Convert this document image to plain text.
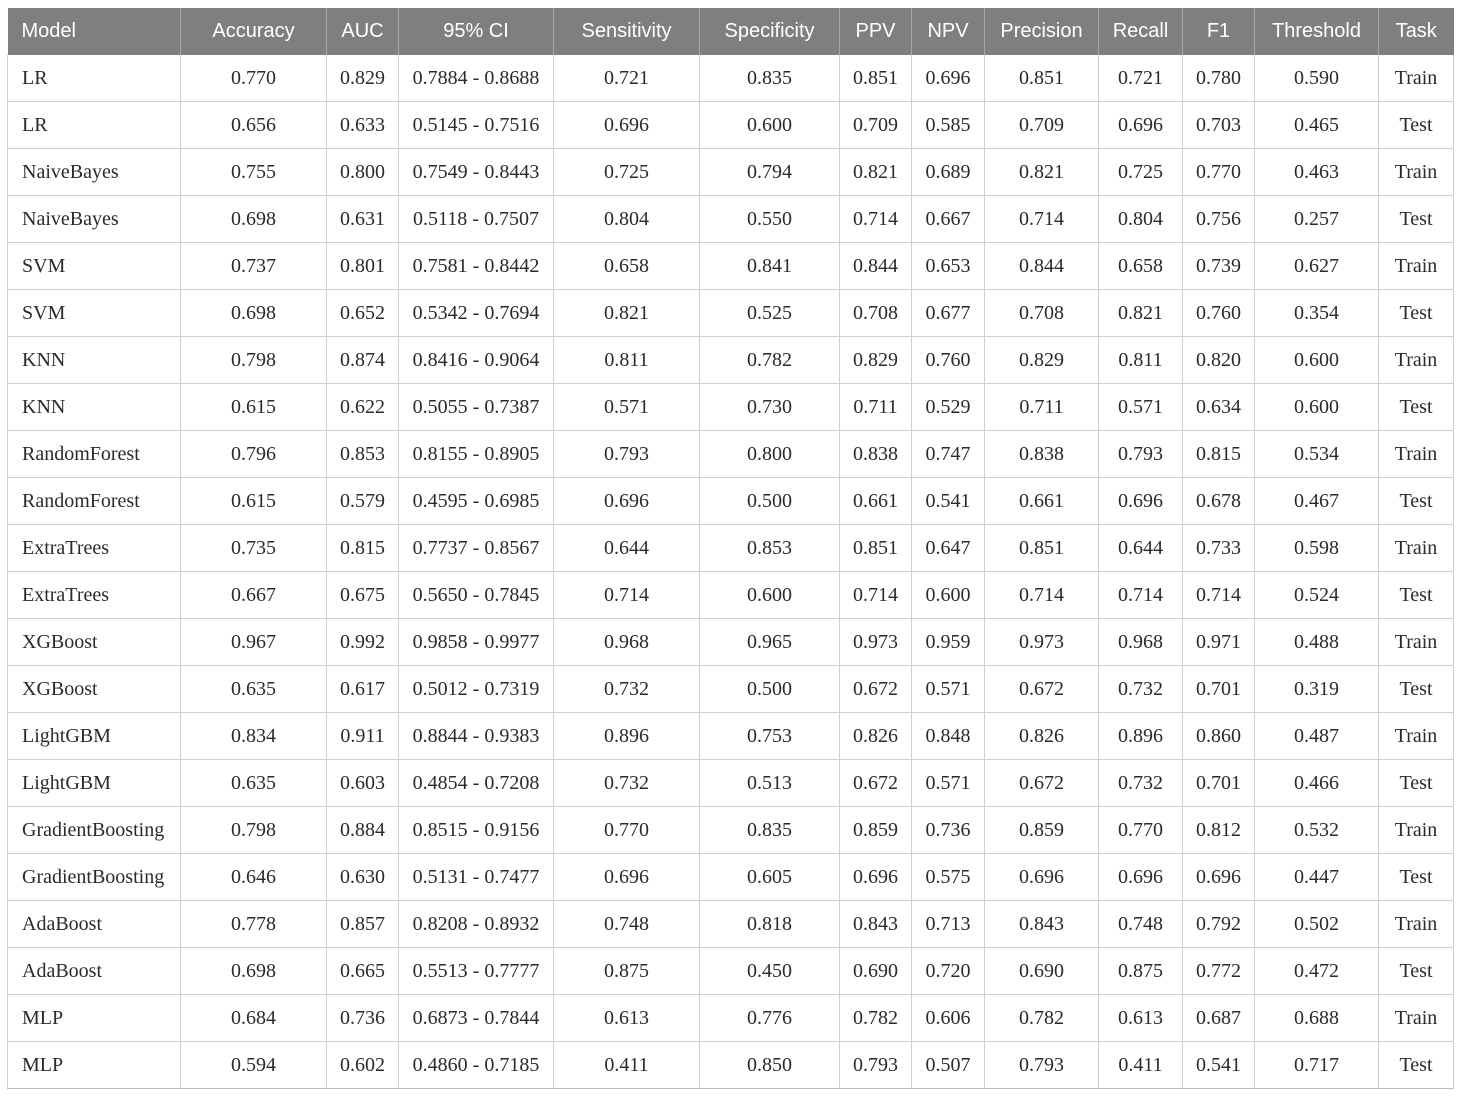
Model	Accuracy	AUC	95% CI	Sensitivity	Specificity	PPV	NPV	Precision	Recall	F1	Threshold	Task
LR	0.770	0.829	0.7884 - 0.8688	0.721	0.835	0.851	0.696	0.851	0.721	0.780	0.590	Train
LR	0.656	0.633	0.5145 - 0.7516	0.696	0.600	0.709	0.585	0.709	0.696	0.703	0.465	Test
NaiveBayes	0.755	0.800	0.7549 - 0.8443	0.725	0.794	0.821	0.689	0.821	0.725	0.770	0.463	Train
NaiveBayes	0.698	0.631	0.5118 - 0.7507	0.804	0.550	0.714	0.667	0.714	0.804	0.756	0.257	Test
SVM	0.737	0.801	0.7581 - 0.8442	0.658	0.841	0.844	0.653	0.844	0.658	0.739	0.627	Train
SVM	0.698	0.652	0.5342 - 0.7694	0.821	0.525	0.708	0.677	0.708	0.821	0.760	0.354	Test
KNN	0.798	0.874	0.8416 - 0.9064	0.811	0.782	0.829	0.760	0.829	0.811	0.820	0.600	Train
KNN	0.615	0.622	0.5055 - 0.7387	0.571	0.730	0.711	0.529	0.711	0.571	0.634	0.600	Test
RandomForest	0.796	0.853	0.8155 - 0.8905	0.793	0.800	0.838	0.747	0.838	0.793	0.815	0.534	Train
RandomForest	0.615	0.579	0.4595 - 0.6985	0.696	0.500	0.661	0.541	0.661	0.696	0.678	0.467	Test
ExtraTrees	0.735	0.815	0.7737 - 0.8567	0.644	0.853	0.851	0.647	0.851	0.644	0.733	0.598	Train
ExtraTrees	0.667	0.675	0.5650 - 0.7845	0.714	0.600	0.714	0.600	0.714	0.714	0.714	0.524	Test
XGBoost	0.967	0.992	0.9858 - 0.9977	0.968	0.965	0.973	0.959	0.973	0.968	0.971	0.488	Train
XGBoost	0.635	0.617	0.5012 - 0.7319	0.732	0.500	0.672	0.571	0.672	0.732	0.701	0.319	Test
LightGBM	0.834	0.911	0.8844 - 0.9383	0.896	0.753	0.826	0.848	0.826	0.896	0.860	0.487	Train
LightGBM	0.635	0.603	0.4854 - 0.7208	0.732	0.513	0.672	0.571	0.672	0.732	0.701	0.466	Test
GradientBoosting	0.798	0.884	0.8515 - 0.9156	0.770	0.835	0.859	0.736	0.859	0.770	0.812	0.532	Train
GradientBoosting	0.646	0.630	0.5131 - 0.7477	0.696	0.605	0.696	0.575	0.696	0.696	0.696	0.447	Test
AdaBoost	0.778	0.857	0.8208 - 0.8932	0.748	0.818	0.843	0.713	0.843	0.748	0.792	0.502	Train
AdaBoost	0.698	0.665	0.5513 - 0.7777	0.875	0.450	0.690	0.720	0.690	0.875	0.772	0.472	Test
MLP	0.684	0.736	0.6873 - 0.7844	0.613	0.776	0.782	0.606	0.782	0.613	0.687	0.688	Train
MLP	0.594	0.602	0.4860 - 0.7185	0.411	0.850	0.793	0.507	0.793	0.411	0.541	0.717	Test
